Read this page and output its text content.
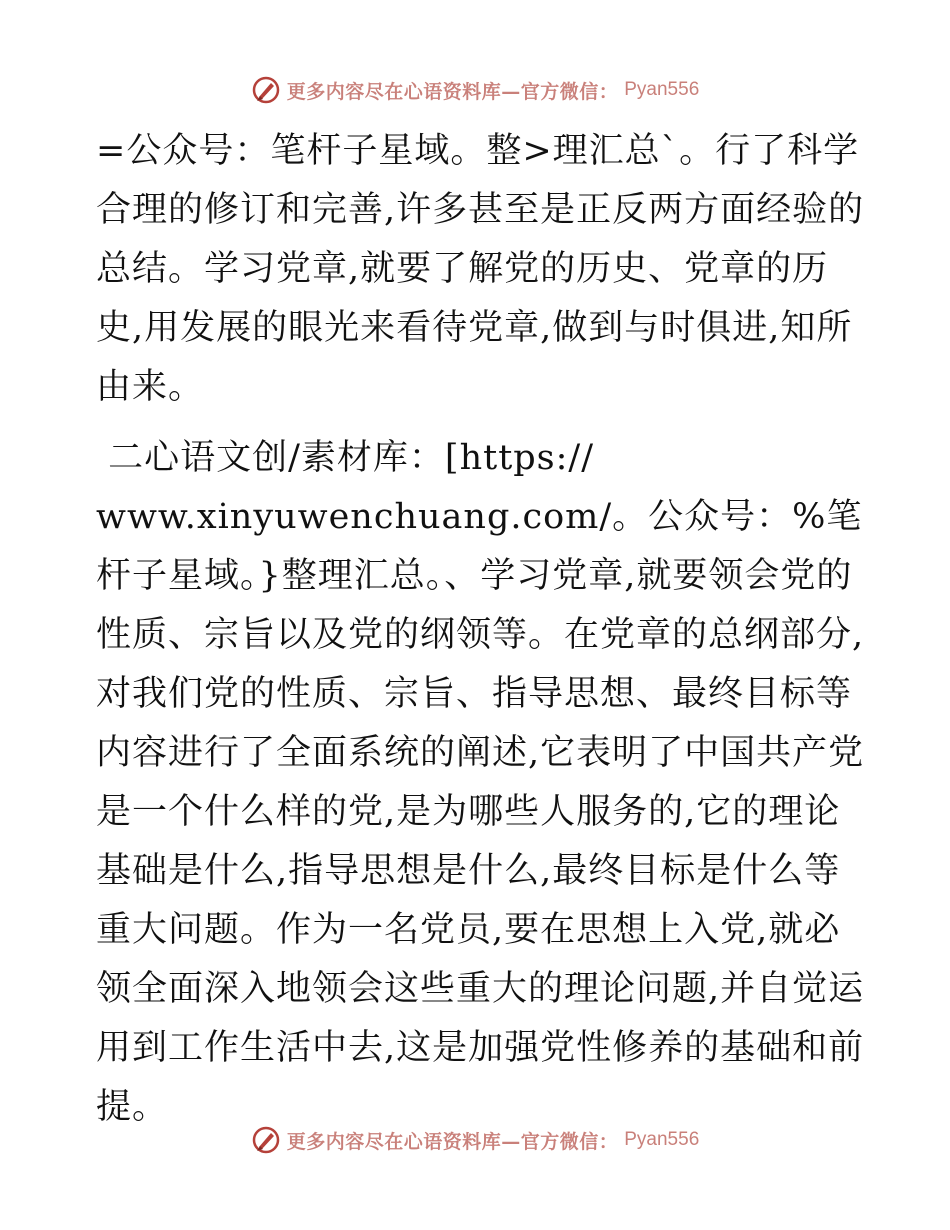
更多内容尽在心语资料库—官方微信： Pyan556

=公众号：笔杆子星域。整>理汇总`。行了科学合理的修订和完善,许多甚至是正反两方面经验的总结。学习党章,就要了解党的历史、党章的历史,用发展的眼光来看待党章,做到与时俱进,知所由来。

二心语文创/素材库：[https://

www.xinyuwenchuang.com/。公众号：%笔杆子星域。}整理汇总。、学习党章,就要领会党的性质、宗旨以及党的纲领等。在党章的总纲部分,对我们党的性质、宗旨、指导思想、最终目标等内容进行了全面系统的阐述,它表明了中国共产党是一个什么样的党,是为哪些人服务的,它的理论基础是什么,指导思想是什么,最终目标是什么等重大问题。作为一名党员,要在思想上入党,就必领全面深入地领会这些重大的理论问题,并自觉运用到工作生活中去,这是加强党性修养的基础和前提。

更多内容尽在心语资料库—官方微信： Pyan556
